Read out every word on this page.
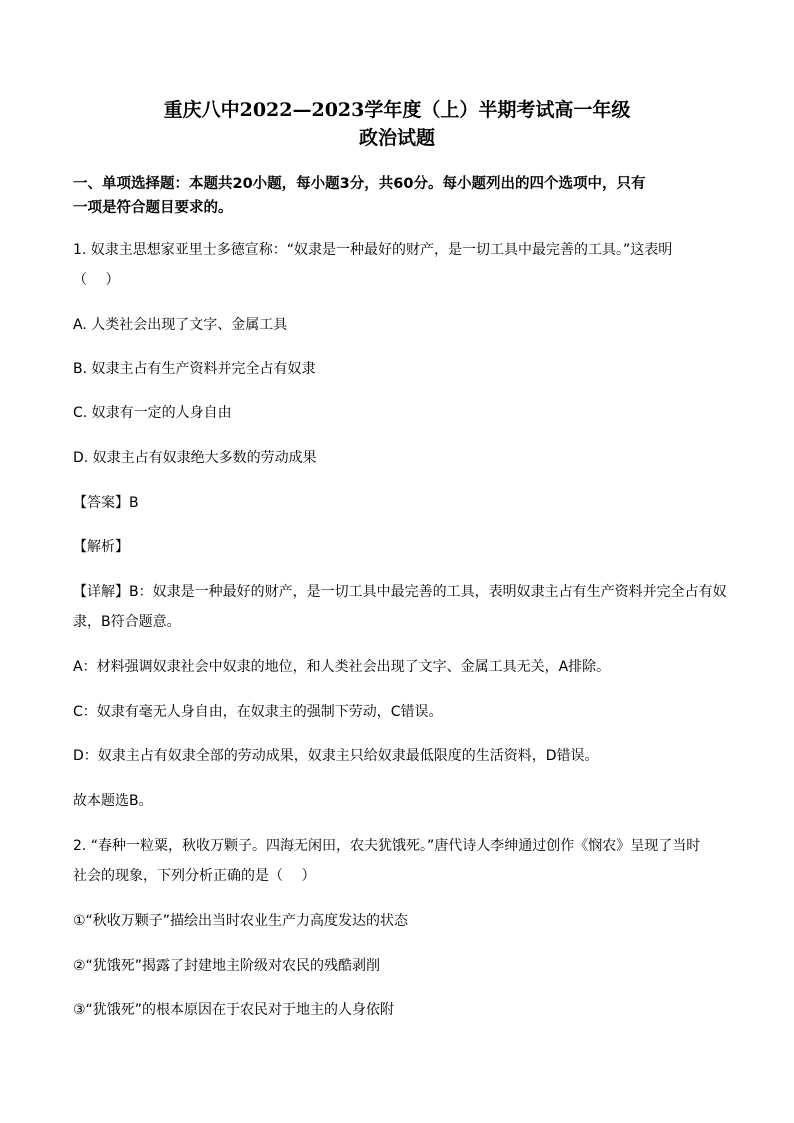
重庆八中2022—2023学年度（上）半期考试高一年级
政治试题
一、单项选择题：本题共20小题，每小题3分，共60分。每小题列出的四个选项中，只有
一项是符合题目要求的。
1. 奴隶主思想家亚里士多德宣称：“奴隶是一种最好的财产，是一切工具中最完善的工具。”这表明
（　 ）
A. 人类社会出现了文字、金属工具
B. 奴隶主占有生产资料并完全占有奴隶
C. 奴隶有一定的人身自由
D. 奴隶主占有奴隶绝大多数的劳动成果
【答案】B
【解析】
【详解】B：奴隶是一种最好的财产，是一切工具中最完善的工具，表明奴隶主占有生产资料并完全占有奴
隶，B符合题意。
A：材料强调奴隶社会中奴隶的地位，和人类社会出现了文字、金属工具无关，A排除。
C：奴隶有毫无人身自由，在奴隶主的强制下劳动，C错误。
D：奴隶主占有奴隶全部的劳动成果，奴隶主只给奴隶最低限度的生活资料，D错误。
故本题选B。
2. “春种一粒粟，秋收万颗子。四海无闲田，农夫犹饿死。”唐代诗人李绅通过创作《悯农》呈现了当时
社会的现象，下列分析正确的是（　 ）
①“秋收万颗子”描绘出当时农业生产力高度发达的状态
②“犹饿死”揭露了封建地主阶级对农民的残酷剥削
③“犹饿死”的根本原因在于农民对于地主的人身依附
